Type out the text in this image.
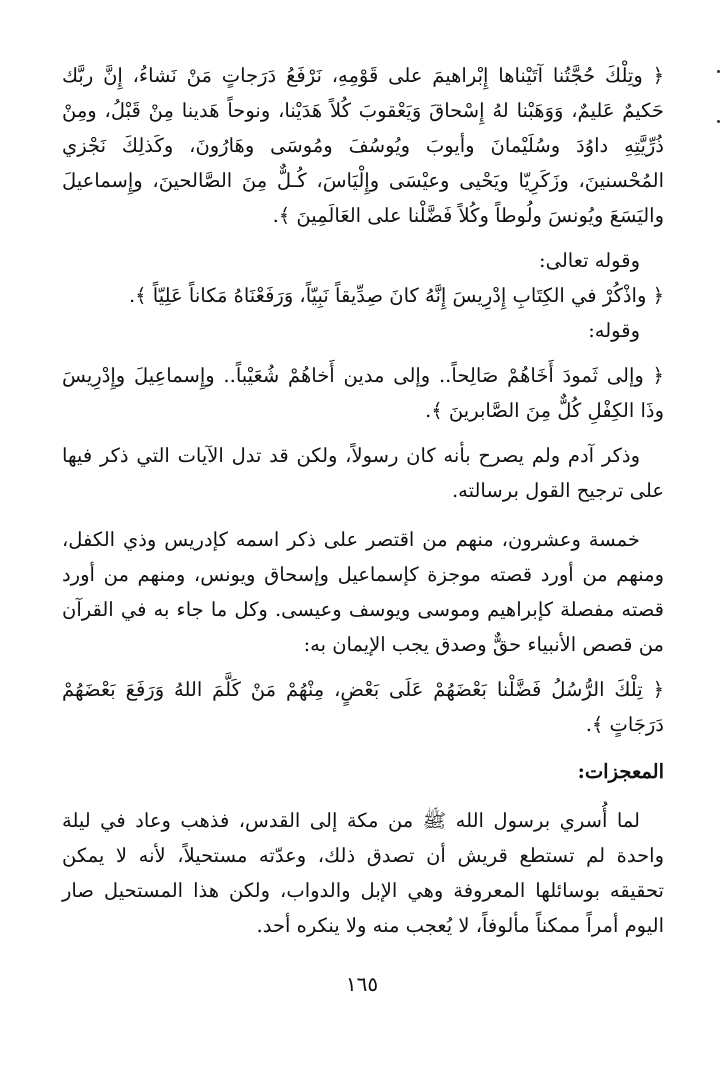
﴿ وتِلْكَ حُجَّتُنا آتَيْناها إِبْراهيمَ على قَوْمِهِ، نَرْفَعُ دَرَجاتٍ مَنْ نَشاءُ، إِنَّ ربَّك حَكيمٌ عَليمٌ، وَوَهَبْنا لهُ إِسْحاقَ وَيَعْقوبَ كُلاً هَدَيْنا، ونوحاً هَدينا مِنْ قَبْلُ، ومِنْ ذُرِّيَّتِهِ داوُدَ وسُلَيْمانَ وأيوبَ ويُوسُفَ ومُوسَى وهَارُونَ، وكَذلِكَ نَجْزي المُحْسنينَ، وزَكَرِيّا ويَحْيى وعيْسَى وإِلْيَاسَ، كُـلٌّ مِنَ الصَّالحينَ، وإِسماعيلَ واليَسَعَ ويُونسَ ولُوطاً وكُلاً فَضَّلْنا على العَالَمِينَ ﴾.

وقوله تعالى:

﴿ واذْكُرْ في الكِتَابِ إِدْرِيسَ إِنَّهُ كانَ صِدِّيقاً نَبِيّاً، وَرَفَعْنَاهُ مَكاناً عَلِيّاً ﴾.

وقوله:

﴿ وإلى ثَمودَ أَخَاهُمْ صَالِحاً.. وإلى مدين أَخاهُمْ شُعَيْباً.. وإِسماعِيلَ وإِدْرِيسَ وذَا الكِفْلِ كُلٌّ مِنَ الصَّابرينَ ﴾.

وذكر آدم ولم يصرح بأنه كان رسولاً، ولكن قد تدل الآيات التي ذكر فيها على ترجيح القول برسالته.

خمسة وعشرون، منهم من اقتصر على ذكر اسمه كإدريس وذي الكفل، ومنهم من أورد قصته موجزة كإسماعيل وإسحاق ويونس، ومنهم من أورد قصته مفصلة كإبراهيم وموسى ويوسف وعيسى. وكل ما جاء به في القرآن من قصص الأنبياء حقٌّ وصدق يجب الإيمان به:

﴿ تِلْكَ الرُّسُلُ فَضَّلْنا بَعْضَهُمْ عَلَى بَعْضٍ، مِنْهُمْ مَنْ كَلَّمَ اللهُ وَرَفَعَ بَعْضَهُمْ دَرَجَاتٍ ﴾.

المعجزات:

لما أُسري برسول الله ﷺ من مكة إلى القدس، فذهب وعاد في ليلة واحدة لم تستطع قريش أن تصدق ذلك، وعدّته مستحيلاً، لأنه لا يمكن تحقيقه بوسائلها المعروفة وهي الإبل والدواب، ولكن هذا المستحيل صار اليوم أمراً ممكناً مألوفاً، لا يُعجب منه ولا ينكره أحد.

١٦٥
